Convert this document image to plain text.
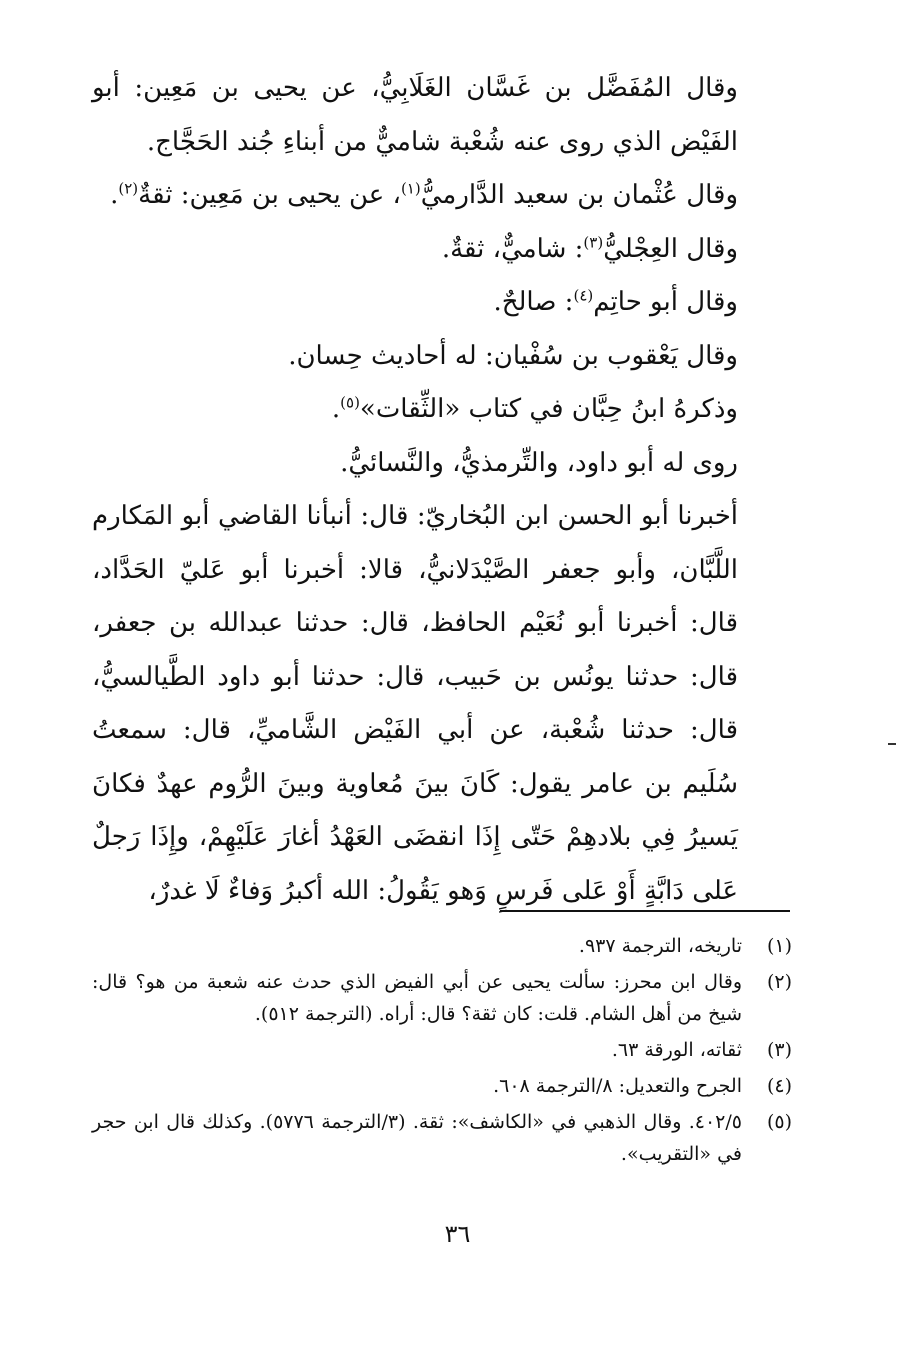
وقال المُفَضَّل بن غَسَّان الغَلَابِيُّ، عن يحيى بن مَعِين: أبو الفَيْض الذي روى عنه شُعْبة شاميٌّ من أبناءِ جُند الحَجَّاج.

وقال عُثْمان بن سعيد الدَّارميُّ$^{(١)}$، عن يحيى بن مَعِين: ثقةٌ$^{(٢)}$.

وقال العِجْليُّ$^{(٣)}$: شاميٌّ، ثقةٌ.

وقال أبو حاتِم$^{(٤)}$: صالحٌ.

وقال يَعْقوب بن سُفْيان: له أحاديث حِسان.

وذكرهُ ابنُ حِبَّان في كتاب «الثِّقات»$^{(٥)}$.

روى له أبو داود، والتِّرمذيُّ، والنَّسائيُّ.

أخبرنا أبو الحسن ابن البُخاريّ: قال: أنبأنا القاضي أبو المَكارم اللَّبَّان، وأبو جعفر الصَّيْدَلانيُّ، قالا: أخبرنا أبو عَليّ الحَدَّاد، قال: أخبرنا أبو نُعَيْم الحافظ، قال: حدثنا عبدالله بن جعفر، قال: حدثنا يونُس بن حَبيب، قال: حدثنا أبو داود الطَّيالسيُّ، قال: حدثنا شُعْبة، عن أبي الفَيْض الشَّاميِّ، قال: سمعتُ سُلَيم بن عامر يقول: كَانَ بينَ مُعاوية وبينَ الرُّوم عهدٌ فكانَ يَسيرُ فِي بلادهِمْ حَتّى إِذَا انقضَى العَهْدُ أغارَ عَلَيْهِمْ، وإِذَا رَجلٌ عَلى دَابَّةٍ أَوْ عَلى فَرسٍ وَهو يَقُولُ: الله أكبرُ وَفاءٌ لَا غدرٌ،

(١)
تاريخه، الترجمة ٩٣٧.
(٢)
وقال ابن محرز: سألت يحيى عن أبي الفيض الذي حدث عنه شعبة من هو؟ قال: شيخ من أهل الشام. قلت: كان ثقة؟ قال: أراه. (الترجمة ٥١٢).
(٣)
ثقاته، الورقة ٦٣.
(٤)
الجرح والتعديل: ٨/الترجمة ٦٠٨.
(٥)
٤٠٢/٥. وقال الذهبي في «الكاشف»: ثقة. (٣/الترجمة ٥٧٧٦). وكذلك قال ابن حجر في «التقريب».
٣٦
